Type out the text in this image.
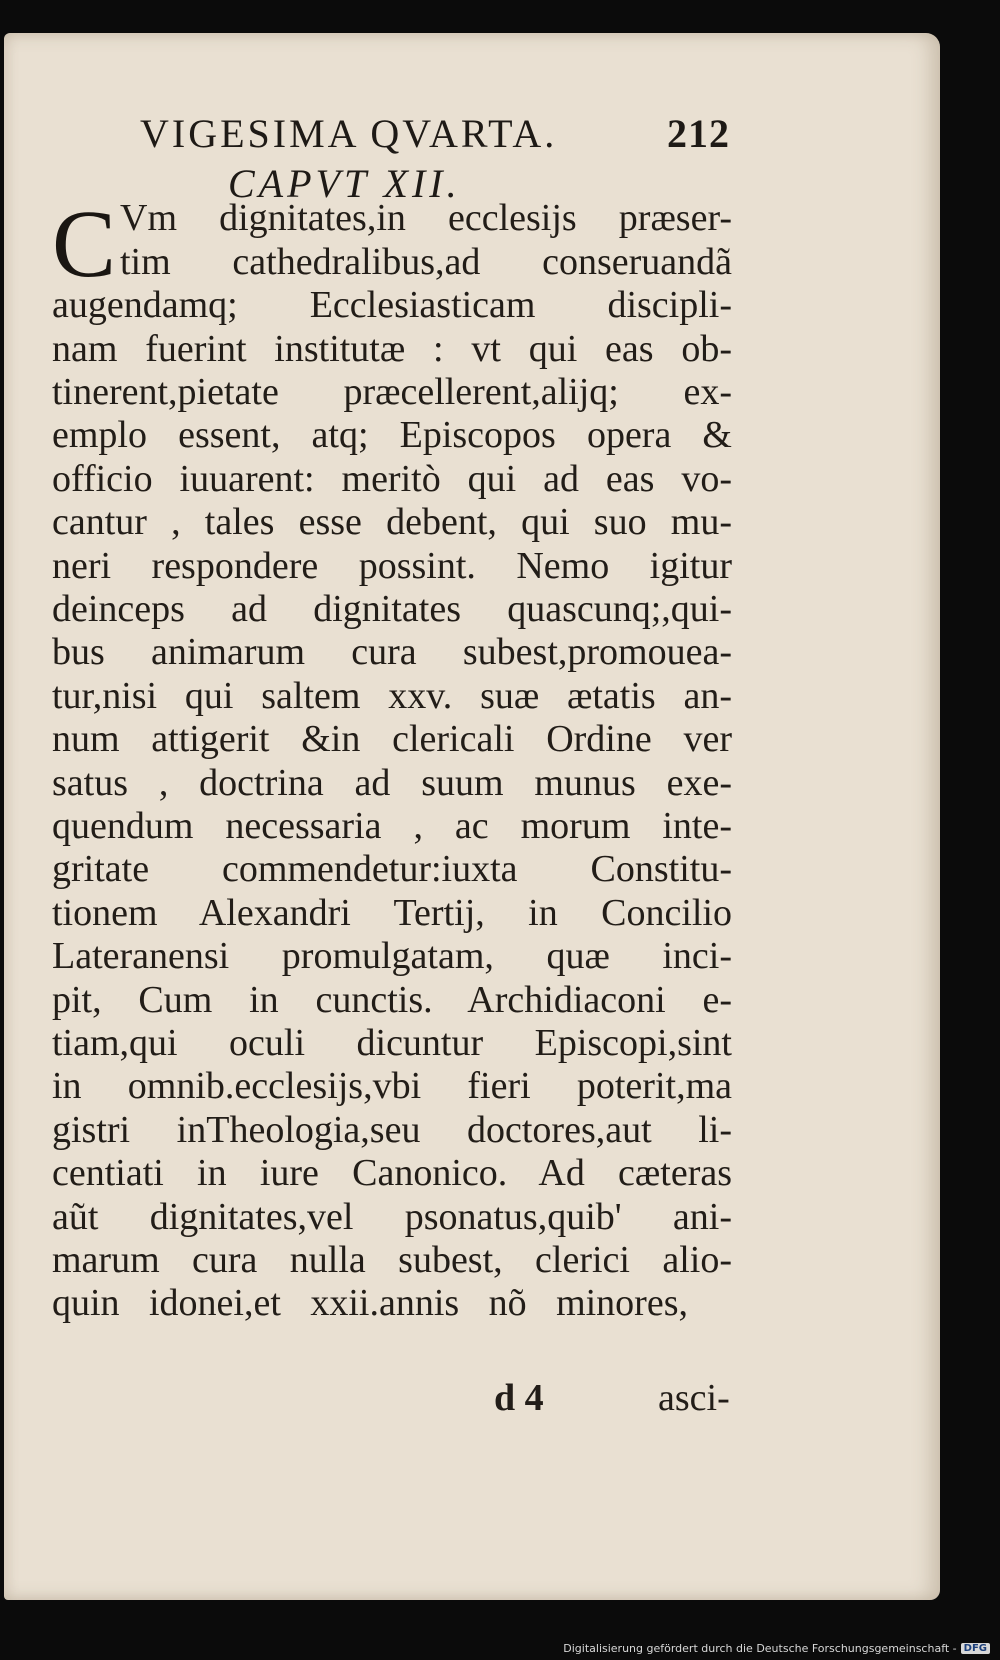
VIGESIMA QVARTA.	212
CAPVT XII.
C Vm dignitates,in ecclesijs præser-
tim cathedralibus,ad conseruandã
augendamq; Ecclesiasticam discipli-
nam fuerint institutæ : vt qui eas ob-
tinerent,pietate præcellerent,alijq; ex-
emplo essent, atq; Episcopos opera &
officio iuuarent: meritò qui ad eas vo-
cantur , tales esse debent, qui suo mu-
neri respondere possint. Nemo igitur
deinceps ad dignitates quascunq;,qui-
bus animarum cura subest,promouea-
tur,nisi qui saltem xxv. suæ ætatis an-
num attigerit &in clericali Ordine ver
satus , doctrina ad suum munus exe-
quendum necessaria , ac morum inte-
gritate commendetur:iuxta Constitu-
tionem Alexandri Tertij, in Concilio
Lateranensi promulgatam, quæ inci-
pit, Cum in cunctis. Archidiaconi e-
tiam,qui oculi dicuntur Episcopi,sint
in omnib.ecclesijs,vbi fieri poterit,ma
gistri inTheologia,seu doctores,aut li-
centiati in iure Canonico. Ad cæteras
aũt dignitates,vel psonatus,quib' ani-
marum cura nulla subest, clerici alio-
quin idonei,et xxii.annis nõ minores,
d 4	asci-
Digitalisierung gefördert durch die Deutsche Forschungsgemeinschaft - DFG
